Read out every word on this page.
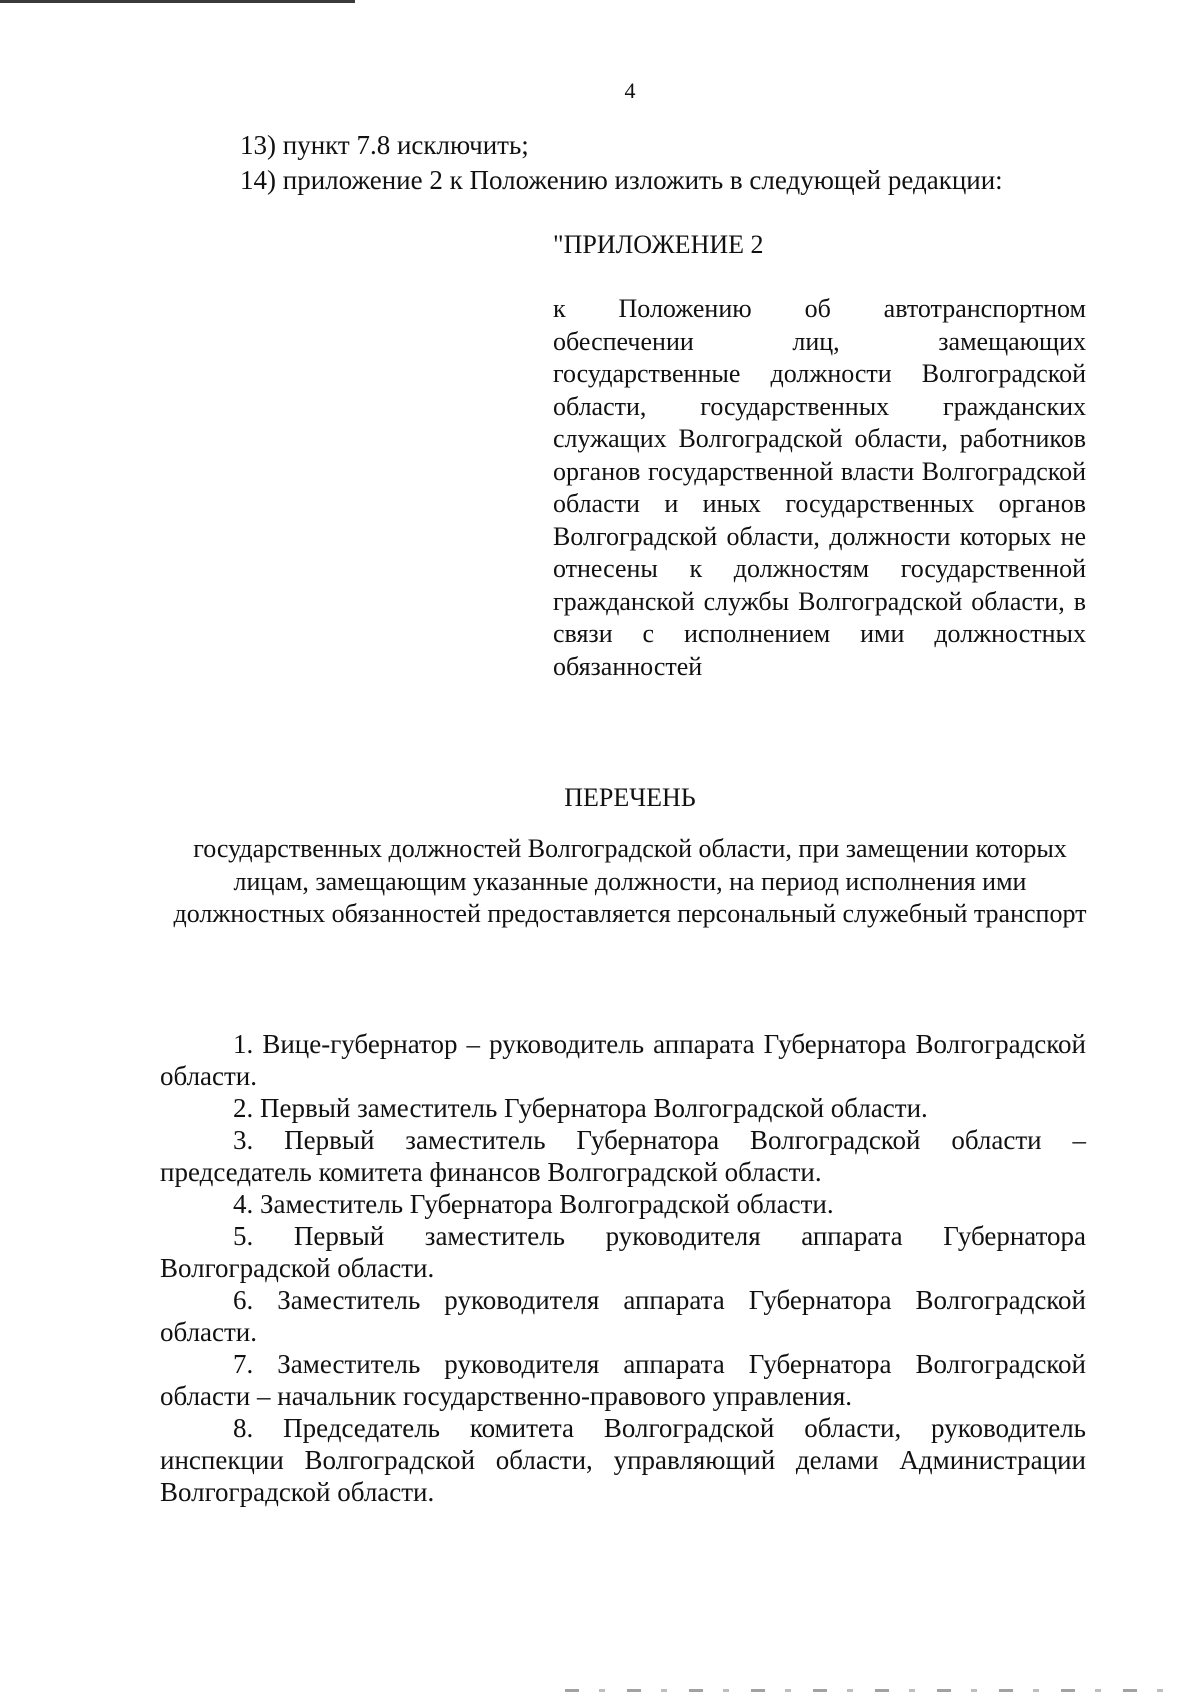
4
13) пункт 7.8 исключить;
14) приложение 2 к Положению изложить в следующей редакции:
"ПРИЛОЖЕНИЕ 2
к Положению об автотранспортном обеспечении лиц, замещающих государственные должности Волгоградской области, государственных гражданских служащих Волгоградской области, работников органов государственной власти Волгоградской области и иных государственных органов Волгоградской области, должности которых не отнесены к должностям государственной гражданской службы Волгоградской области, в связи с исполнением ими должностных обязанностей
ПЕРЕЧЕНЬ
государственных должностей Волгоградской области, при замещении которых лицам, замещающим указанные должности, на период исполнения ими должностных обязанностей предоставляется персональный служебный транспорт

1. Вице-губернатор – руководитель аппарата Губернатора Волгоградской области.

2. Первый заместитель Губернатора Волгоградской области.

3. Первый заместитель Губернатора Волгоградской области – председатель комитета финансов Волгоградской области.

4. Заместитель Губернатора Волгоградской области.

5. Первый заместитель руководителя аппарата Губернатора Волгоградской области.

6. Заместитель руководителя аппарата Губернатора Волгоградской области.

7. Заместитель руководителя аппарата Губернатора Волгоградской области – начальник государственно-правового управления.

8. Председатель комитета Волгоградской области, руководитель инспекции Волгоградской области, управляющий делами Администрации Волгоградской области.
